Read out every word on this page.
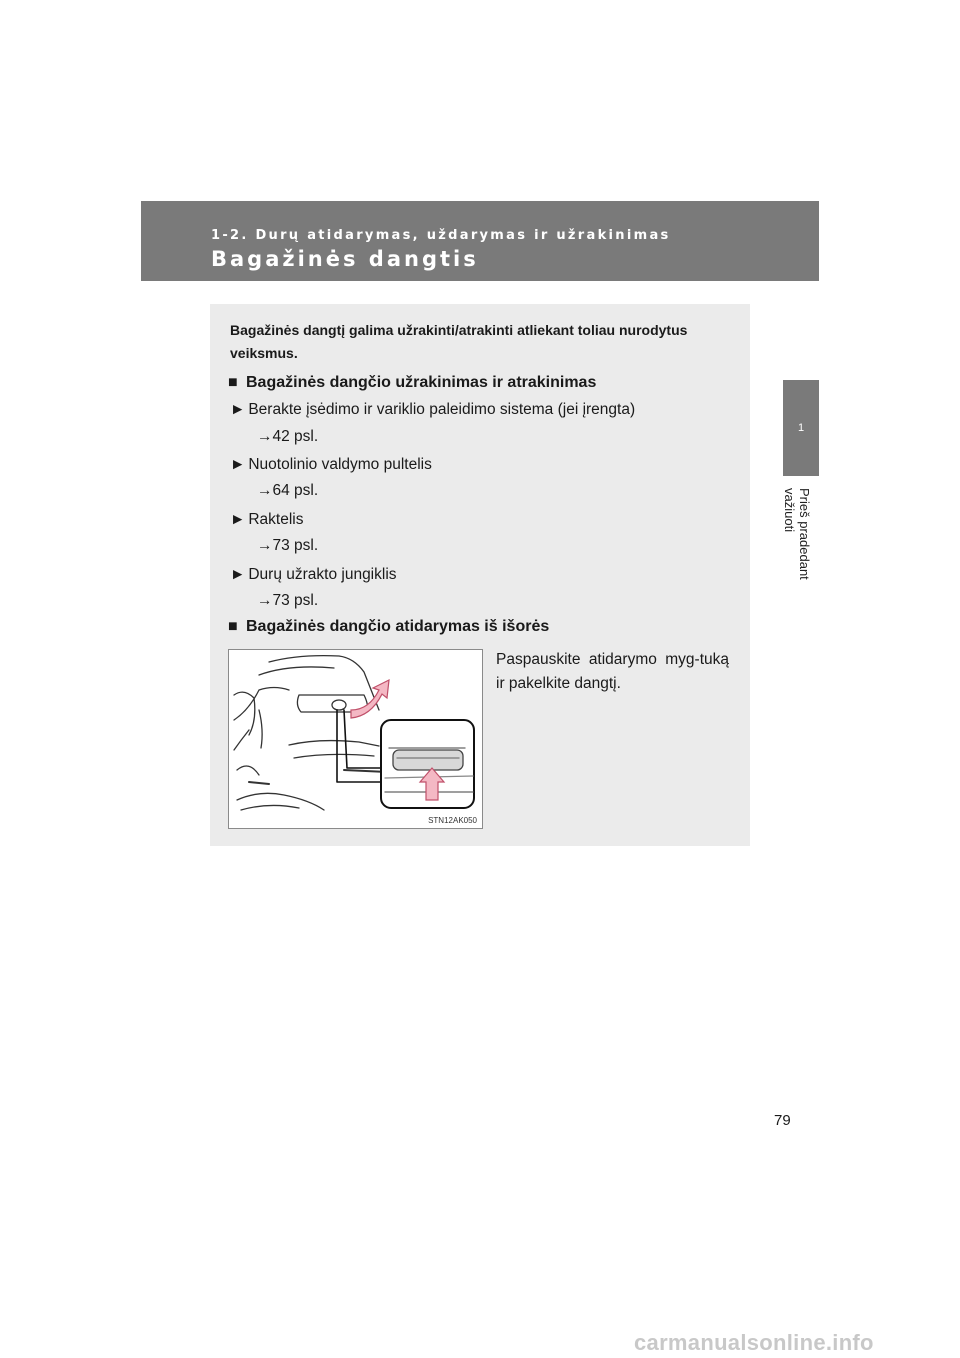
1-2. Durų atidarymas, uždarymas ir užrakinimas
Bagažinės dangtis
1
Prieš pradedant važiuoti
Bagažinės dangtį galima užrakinti/atrakinti atliekant toliau nurodytus veiksmus.
■ Bagažinės dangčio užrakinimas ir atrakinimas
► Berakte įsėdimo ir variklio paleidimo sistema (jei įrengta)
→42 psl.
► Nuotolinio valdymo pultelis
→64 psl.
► Raktelis
→73 psl.
► Durų užrakto jungiklis
→73 psl.
■ Bagažinės dangčio atidarymas iš išorės
STN12AK050
Paspauskite atidarymo myg-tuką ir pakelkite dangtį.
79
carmanualsonline.info
